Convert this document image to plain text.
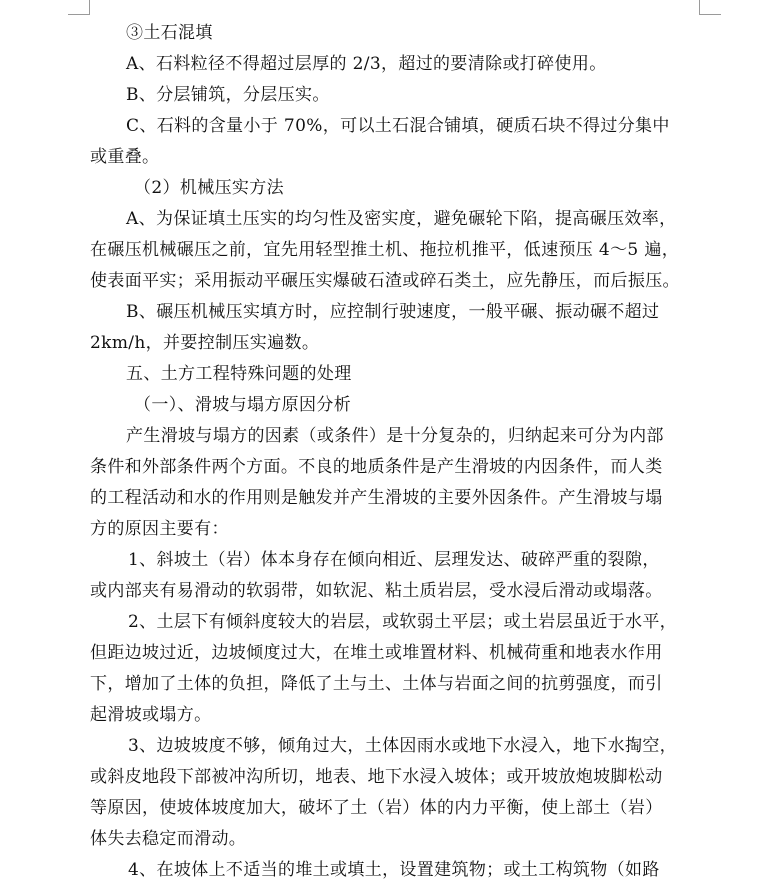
③土石混填
A、石料粒径不得超过层厚的 2/3，超过的要清除或打碎使用。
B、分层铺筑，分层压实。
C、石料的含量小于 70%，可以土石混合铺填，硬质石块不得过分集中
或重叠。
（2）机械压实方法
A、为保证填土压实的均匀性及密实度，避免碾轮下陷，提高碾压效率，
在碾压机械碾压之前，宜先用轻型推土机、拖拉机推平，低速预压 4～5 遍，
使表面平实；采用振动平碾压实爆破石渣或碎石类土，应先静压，而后振压。
B、碾压机械压实填方时，应控制行驶速度，一般平碾、振动碾不超过
2km/h，并要控制压实遍数。
五、土方工程特殊问题的处理
（一）、滑坡与塌方原因分析
产生滑坡与塌方的因素（或条件）是十分复杂的，归纳起来可分为内部
条件和外部条件两个方面。不良的地质条件是产生滑坡的内因条件，而人类
的工程活动和水的作用则是触发并产生滑坡的主要外因条件。产生滑坡与塌
方的原因主要有：
1、斜坡土（岩）体本身存在倾向相近、层理发达、破碎严重的裂隙，
或内部夹有易滑动的软弱带，如软泥、粘土质岩层，受水浸后滑动或塌落。
2、土层下有倾斜度较大的岩层，或软弱土平层；或土岩层虽近于水平，
但距边坡过近，边坡倾度过大，在堆土或堆置材料、机械荷重和地表水作用
下，增加了土体的负担，降低了土与土、土体与岩面之间的抗剪强度，而引
起滑坡或塌方。
3、边坡坡度不够，倾角过大，土体因雨水或地下水浸入，地下水掏空，
或斜皮地段下部被冲沟所切，地表、地下水浸入坡体；或开坡放炮坡脚松动
等原因，使坡体坡度加大，破坏了土（岩）体的内力平衡，使上部土（岩）
体失去稳定而滑动。
4、在坡体上不适当的堆土或填土，设置建筑物；或土工构筑物（如路
